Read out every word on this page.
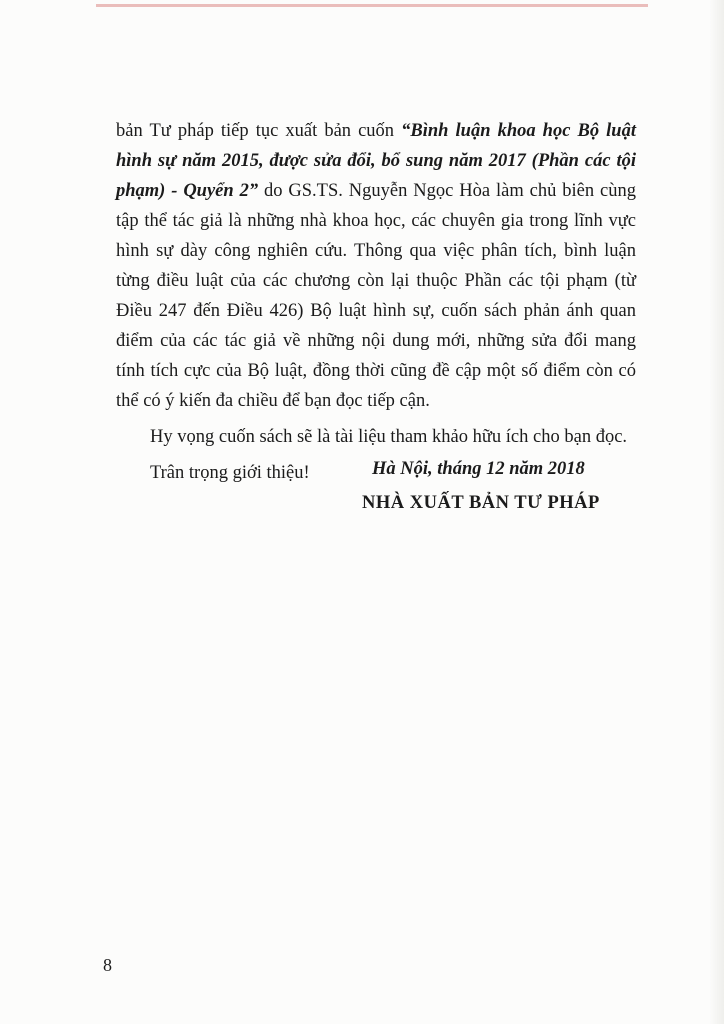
bản Tư pháp tiếp tục xuất bản cuốn “Bình luận khoa học Bộ luật hình sự năm 2015, được sửa đổi, bổ sung năm 2017 (Phần các tội phạm) - Quyển 2” do GS.TS. Nguyễn Ngọc Hòa làm chủ biên cùng tập thể tác giả là những nhà khoa học, các chuyên gia trong lĩnh vực hình sự dày công nghiên cứu. Thông qua việc phân tích, bình luận từng điều luật của các chương còn lại thuộc Phần các tội phạm (từ Điều 247 đến Điều 426) Bộ luật hình sự, cuốn sách phản ánh quan điểm của các tác giả về những nội dung mới, những sửa đổi mang tính tích cực của Bộ luật, đồng thời cũng đề cập một số điểm còn có thể có ý kiến đa chiều để bạn đọc tiếp cận.

Hy vọng cuốn sách sẽ là tài liệu tham khảo hữu ích cho bạn đọc.

Trân trọng giới thiệu!	Hà Nội, tháng 12 năm 2018
NHÀ XUẤT BẢN TƯ PHÁP
8
